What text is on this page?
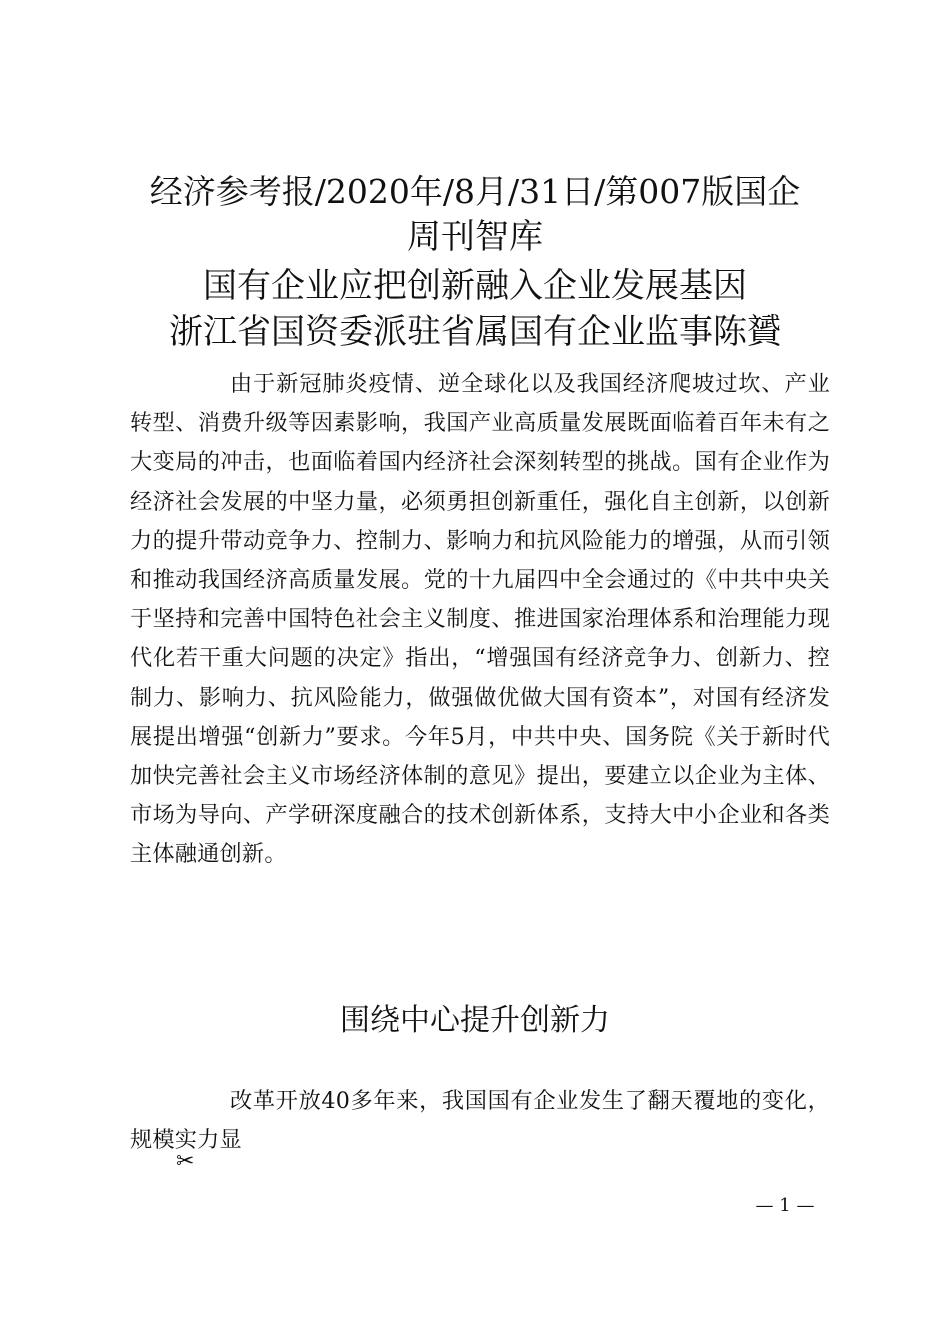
经济参考报/2020年/8月/31日/第007版国企
周刊智库
国有企业应把创新融入企业发展基因
浙江省国资委派驻省属国有企业监事陈贇
由于新冠肺炎疫情、逆全球化以及我国经济爬坡过坎、产业转型、消费升级等因素影响，我国产业高质量发展既面临着百年未有之大变局的冲击，也面临着国内经济社会深刻转型的挑战。国有企业作为经济社会发展的中坚力量，必须勇担创新重任，强化自主创新，以创新力的提升带动竞争力、控制力、影响力和抗风险能力的增强，从而引领和推动我国经济高质量发展。党的十九届四中全会通过的《中共中央关于坚持和完善中国特色社会主义制度、推进国家治理体系和治理能力现代化若干重大问题的决定》指出，“增强国有经济竞争力、创新力、控制力、影响力、抗风险能力，做强做优做大国有资本”，对国有经济发展提出增强“创新力”要求。今年5月，中共中央、国务院《关于新时代加快完善社会主义市场经济体制的意见》提出，要建立以企业为主体、市场为导向、产学研深度融合的技术创新体系，支持大中小企业和各类主体融通创新。
围绕中心提升创新力
改革开放40多年来，我国国有企业发生了翻天覆地的变化，规模实力显
✂
— 1 —
